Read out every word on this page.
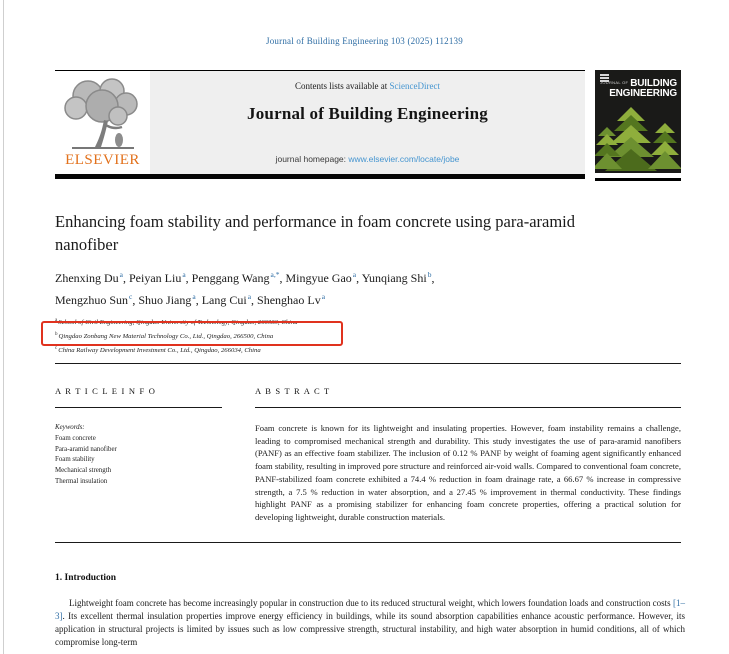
Journal of Building Engineering 103 (2025) 112139
Contents lists available at ScienceDirect
Journal of Building Engineering
journal homepage: www.elsevier.com/locate/jobe
ELSEVIER
$^{JOURNAL OF}$ BUILDING
ENGINEERING
Enhancing foam stability and performance in foam concrete using para-aramid nanofiber
Zhenxing Du$^a$, Peiyan Liu$^a$, Penggang Wang$^{a,*}$, Mingyue Gao$^a$, Yunqiang Shi$^b$,
Mengzhuo Sun$^c$, Shuo Jiang$^a$, Lang Cui$^a$, Shenghao Lv$^a$
$^a$School of Civil Engineering, Qingdao University of Technology, Qingdao, 266033, China
$^b$Qingdao Zonbang New Material Technology Co., Ltd., Qingdao, 266500, China
$^c$China Railway Development Investment Co., Ltd., Qingdao, 266034, China
A R T I C L E I N F O
Keywords:
Foam concrete
Para-aramid nanofiber
Foam stability
Mechanical strength
Thermal insulation
A B S T R A C T
Foam concrete is known for its lightweight and insulating properties. However, foam instability remains a challenge, leading to compromised mechanical strength and durability. This study investigates the use of para-aramid nanofibers (PANF) as an effective foam stabilizer. The inclusion of 0.12 % PANF by weight of foaming agent significantly enhanced foam stability, resulting in improved pore structure and reinforced air-void walls. Compared to conventional foam concrete, PANF-stabilized foam concrete exhibited a 74.4 % reduction in foam drainage rate, a 66.67 % increase in compressive strength, a 7.5 % reduction in water absorption, and a 27.45 % improvement in thermal conductivity. These findings highlight PANF as a promising stabilizer for enhancing foam concrete properties, offering a practical solution for developing lightweight, durable construction materials.
1. Introduction

Lightweight foam concrete has become increasingly popular in construction due to its reduced structural weight, which lowers foundation loads and construction costs [1–3]. Its excellent thermal insulation properties improve energy efficiency in buildings, while its sound absorption capabilities enhance acoustic performance. However, its application in structural projects is limited by issues such as low compressive strength, structural instability, and high water absorption in humid conditions, all of which compromise long-term
